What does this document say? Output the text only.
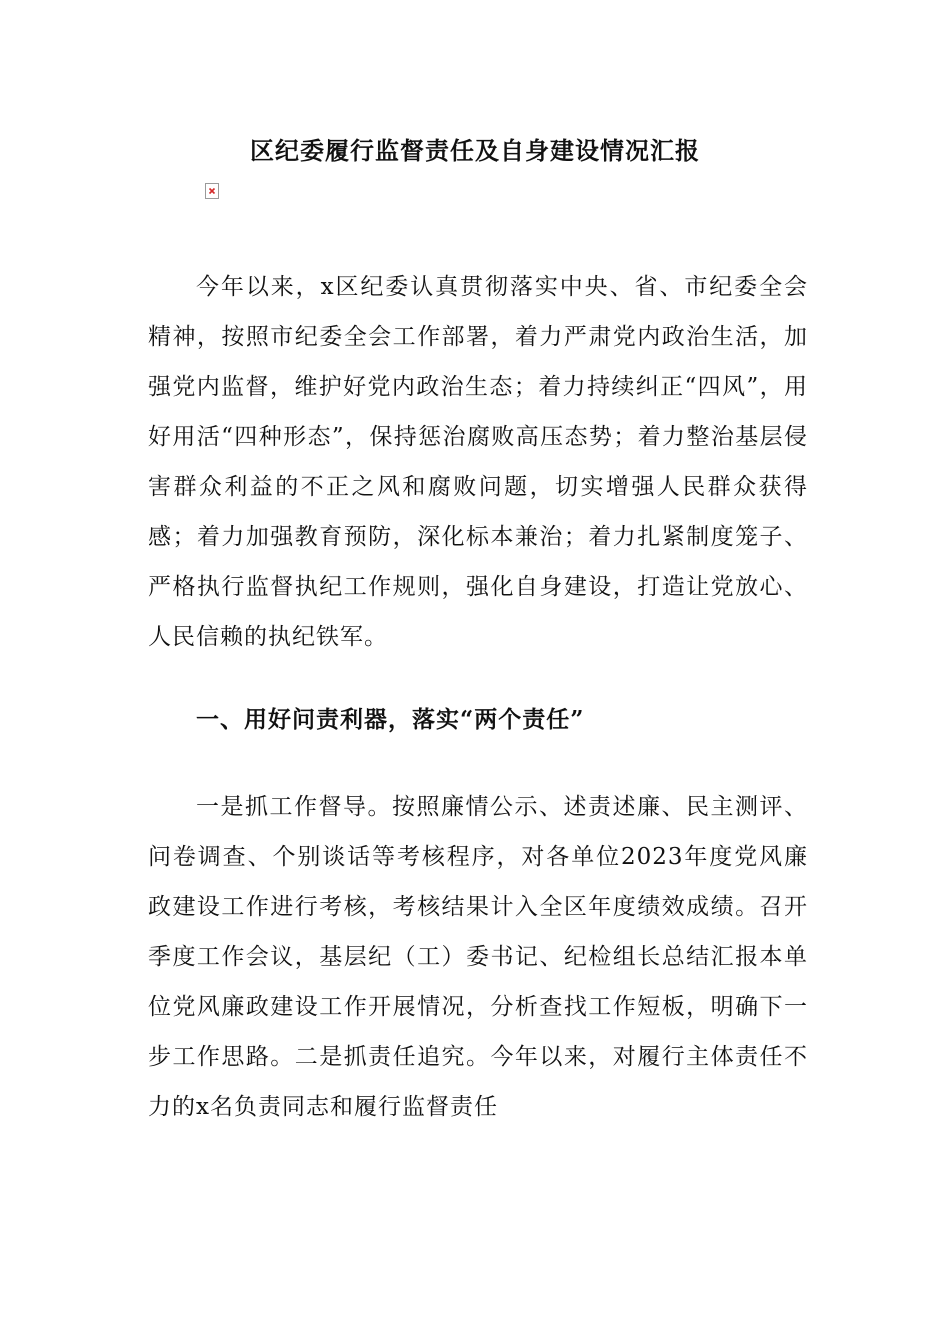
区纪委履行监督责任及自身建设情况汇报

今年以来，x区纪委认真贯彻落实中央、省、市纪委全会精神，按照市纪委全会工作部署，着力严肃党内政治生活，加强党内监督，维护好党内政治生态；着力持续纠正“四风”，用好用活“四种形态”，保持惩治腐败高压态势；着力整治基层侵害群众利益的不正之风和腐败问题，切实增强人民群众获得感；着力加强教育预防，深化标本兼治；着力扎紧制度笼子、严格执行监督执纪工作规则，强化自身建设，打造让党放心、人民信赖的执纪铁军。

一、用好问责利器，落实“两个责任”

一是抓工作督导。按照廉情公示、述责述廉、民主测评、问卷调查、个别谈话等考核程序，对各单位2023年度党风廉政建设工作进行考核，考核结果计入全区年度绩效成绩。召开季度工作会议，基层纪（工）委书记、纪检组长总结汇报本单位党风廉政建设工作开展情况，分析查找工作短板，明确下一步工作思路。二是抓责任追究。今年以来，对履行主体责任不力的x名负责同志和履行监督责任
